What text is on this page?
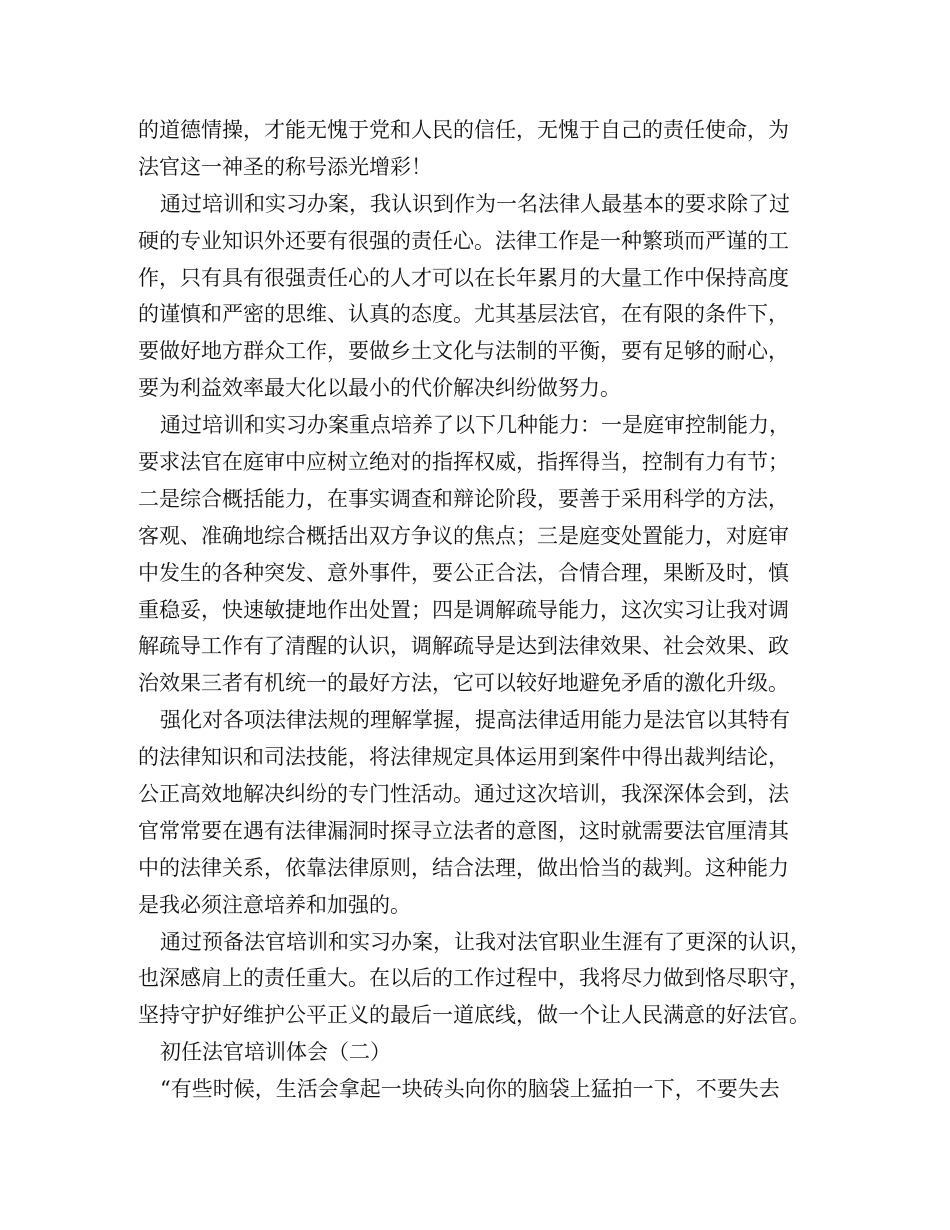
的道德情操，才能无愧于党和人民的信任，无愧于自己的责任使命，为
法官这一神圣的称号添光增彩！
通过培训和实习办案，我认识到作为一名法律人最基本的要求除了过
硬的专业知识外还要有很强的责任心。法律工作是一种繁琐而严谨的工
作，只有具有很强责任心的人才可以在长年累月的大量工作中保持高度
的谨慎和严密的思维、认真的态度。尤其基层法官，在有限的条件下，
要做好地方群众工作，要做乡土文化与法制的平衡，要有足够的耐心，
要为利益效率最大化以最小的代价解决纠纷做努力。
通过培训和实习办案重点培养了以下几种能力：一是庭审控制能力，
要求法官在庭审中应树立绝对的指挥权威，指挥得当，控制有力有节；
二是综合概括能力，在事实调查和辩论阶段，要善于采用科学的方法，
客观、准确地综合概括出双方争议的焦点；三是庭变处置能力，对庭审
中发生的各种突发、意外事件，要公正合法，合情合理，果断及时，慎
重稳妥，快速敏捷地作出处置；四是调解疏导能力，这次实习让我对调
解疏导工作有了清醒的认识，调解疏导是达到法律效果、社会效果、政
治效果三者有机统一的最好方法，它可以较好地避免矛盾的激化升级。
强化对各项法律法规的理解掌握，提高法律适用能力是法官以其特有
的法律知识和司法技能，将法律规定具体运用到案件中得出裁判结论，
公正高效地解决纠纷的专门性活动。通过这次培训，我深深体会到，法
官常常要在遇有法律漏洞时探寻立法者的意图，这时就需要法官厘清其
中的法律关系，依靠法律原则，结合法理，做出恰当的裁判。这种能力
是我必须注意培养和加强的。
通过预备法官培训和实习办案，让我对法官职业生涯有了更深的认识，
也深感肩上的责任重大。在以后的工作过程中，我将尽力做到恪尽职守，
坚持守护好维护公平正义的最后一道底线，做一个让人民满意的好法官。
初任法官培训体会（二）
“有些时候，生活会拿起一块砖头向你的脑袋上猛拍一下，不要失去
